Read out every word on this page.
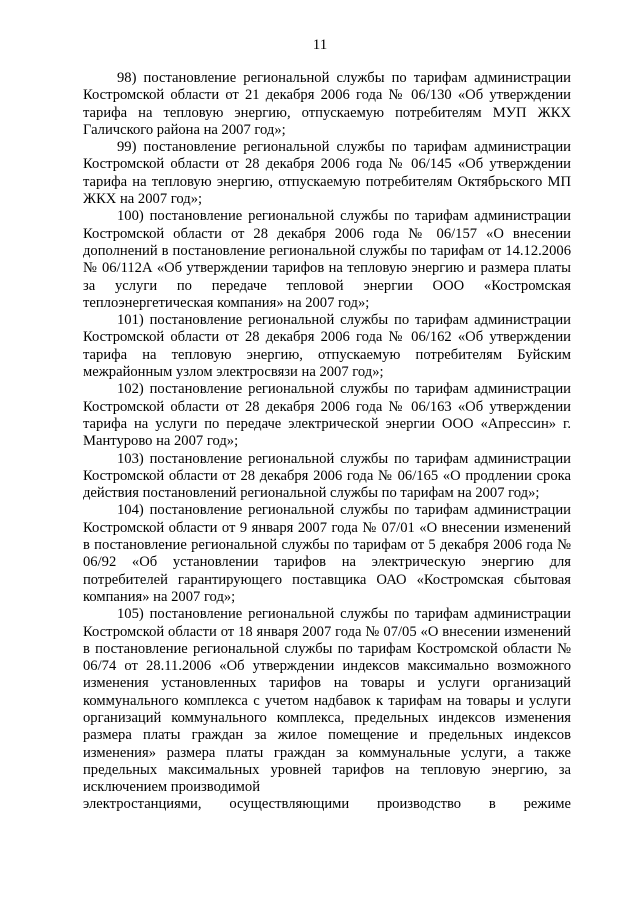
11

98) постановление региональной службы по тарифам администрации Костромской области от 21 декабря 2006 года № 06/130 «Об утверждении тарифа на тепловую энергию, отпускаемую потребителям МУП ЖКХ Галичского района на 2007 год»;

99) постановление региональной службы по тарифам администрации Костромской области от 28 декабря 2006 года № 06/145 «Об утверждении тарифа на тепловую энергию, отпускаемую потребителям Октябрьского МП ЖКХ на 2007 год»;

100) постановление региональной службы по тарифам администрации Костромской области от 28 декабря 2006 года № 06/157 «О внесении дополнений в постановление региональной службы по тарифам от 14.12.2006 № 06/112А «Об утверждении тарифов на тепловую энергию и размера платы за услуги по передаче тепловой энергии ООО «Костромская теплоэнергетическая компания» на 2007 год»;

101) постановление региональной службы по тарифам администрации Костромской области от 28 декабря 2006 года № 06/162 «Об утверждении тарифа на тепловую энергию, отпускаемую потребителям Буйским межрайонным узлом электросвязи на 2007 год»;

102) постановление региональной службы по тарифам администрации Костромской области от 28 декабря 2006 года № 06/163 «Об утверждении тарифа на услуги по передаче электрической энергии ООО «Апрессин» г. Мантурово на 2007 год»;

103) постановление региональной службы по тарифам администрации Костромской области от 28 декабря 2006 года № 06/165 «О продлении срока действия постановлений региональной службы по тарифам на 2007 год»;

104) постановление региональной службы по тарифам администрации Костромской области от 9 января 2007 года № 07/01 «О внесении изменений в постановление региональной службы по тарифам от 5 декабря 2006 года № 06/92 «Об установлении тарифов на электрическую энергию для потребителей гарантирующего поставщика ОАО «Костромская сбытовая компания» на 2007 год»;

105) постановление региональной службы по тарифам администрации Костромской области от 18 января 2007 года № 07/05 «О внесении изменений в постановление региональной службы по тарифам Костромской области № 06/74 от 28.11.2006 «Об утверждении индексов максимально возможного изменения установленных тарифов на товары и услуги организаций коммунального комплекса с учетом надбавок к тарифам на товары и услуги организаций коммунального комплекса, предельных индексов изменения размера платы граждан за жилое помещение и предельных индексов изменения» размера платы граждан за коммунальные услуги, а также предельных максимальных уровней тарифов на тепловую энергию, за исключением производимой

электростанциями, осуществляющими производство в режиме
